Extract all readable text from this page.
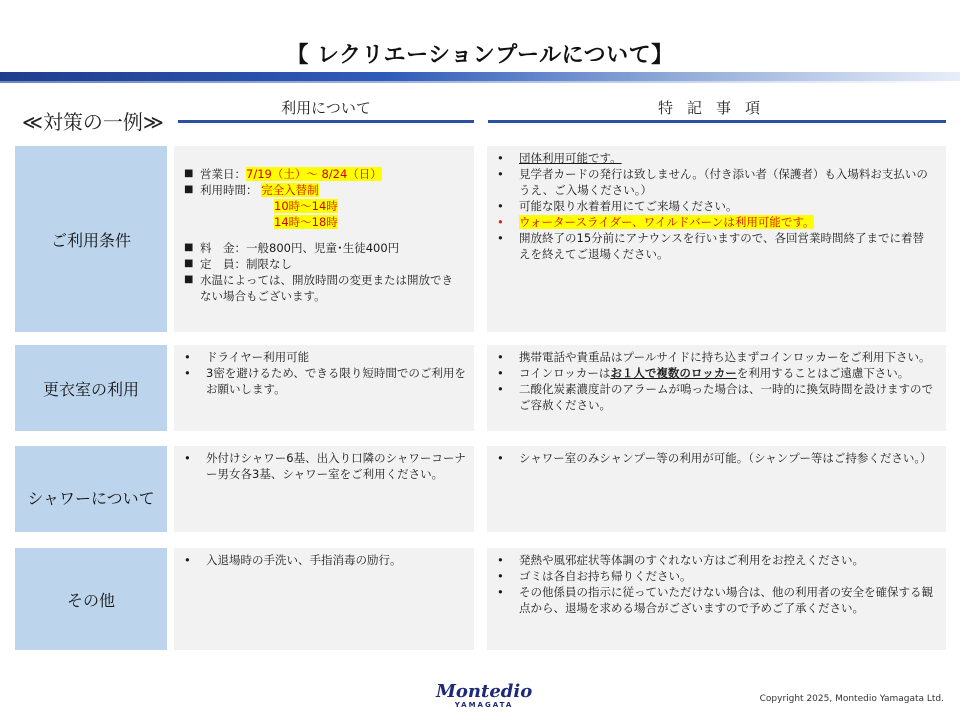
【 レクリエーションプールについて】
≪対策の一例≫
利用について	特記事項
ご利用条件
■ 営業日：7/19（土）～ 8/24（日）
■ 利用時間： 完全入替制
10時～14時
14時～18時
■ 料　金：一般800円、児童･生徒400円
■ 定　員：制限なし
■ 水温によっては、開放時間の変更または開放できない場合もございます。
• 団体利用可能です。
• 見学者カードの発行は致しません。（付き添い者（保護者）も入場料お支払いのうえ、ご入場ください。）
• 可能な限り水着着用にてご来場ください。
• ウォータースライダー、ワイルドバーンは利用可能です。
• 開放終了の15分前にアナウンスを行いますので、各回営業時間終了までに着替えを終えてご退場ください。
更衣室の利用
• ドライヤー利用可能
• 3密を避けるため、できる限り短時間でのご利用をお願いします。
• 携帯電話や貴重品はプールサイドに持ち込まずコインロッカーをご利用下さい。
• コインロッカーはお１人で複数のロッカーを利用することはご遠慮下さい。
• 二酸化炭素濃度計のアラームが鳴った場合は、一時的に換気時間を設けますのでご容赦ください。
シャワーについて
• 外付けシャワー6基、出入り口隣のシャワーコーナー男女各3基、シャワー室をご利用ください。
• シャワー室のみシャンプー等の利用が可能。（シャンプー等はご持参ください。）
その他
• 入退場時の手洗い、手指消毒の励行。
•	発熱や風邪症状等体調のすぐれない方はご利用をお控えください。
• ゴミは各自お持ち帰りください。
• その他係員の指示に従っていただけない場合は、他の利用者の安全を確保する観点から、退場を求める場合がございますので予めご了承ください。
Montedio
YAMAGATA
Copyright 2025, Montedio Yamagata Ltd.
